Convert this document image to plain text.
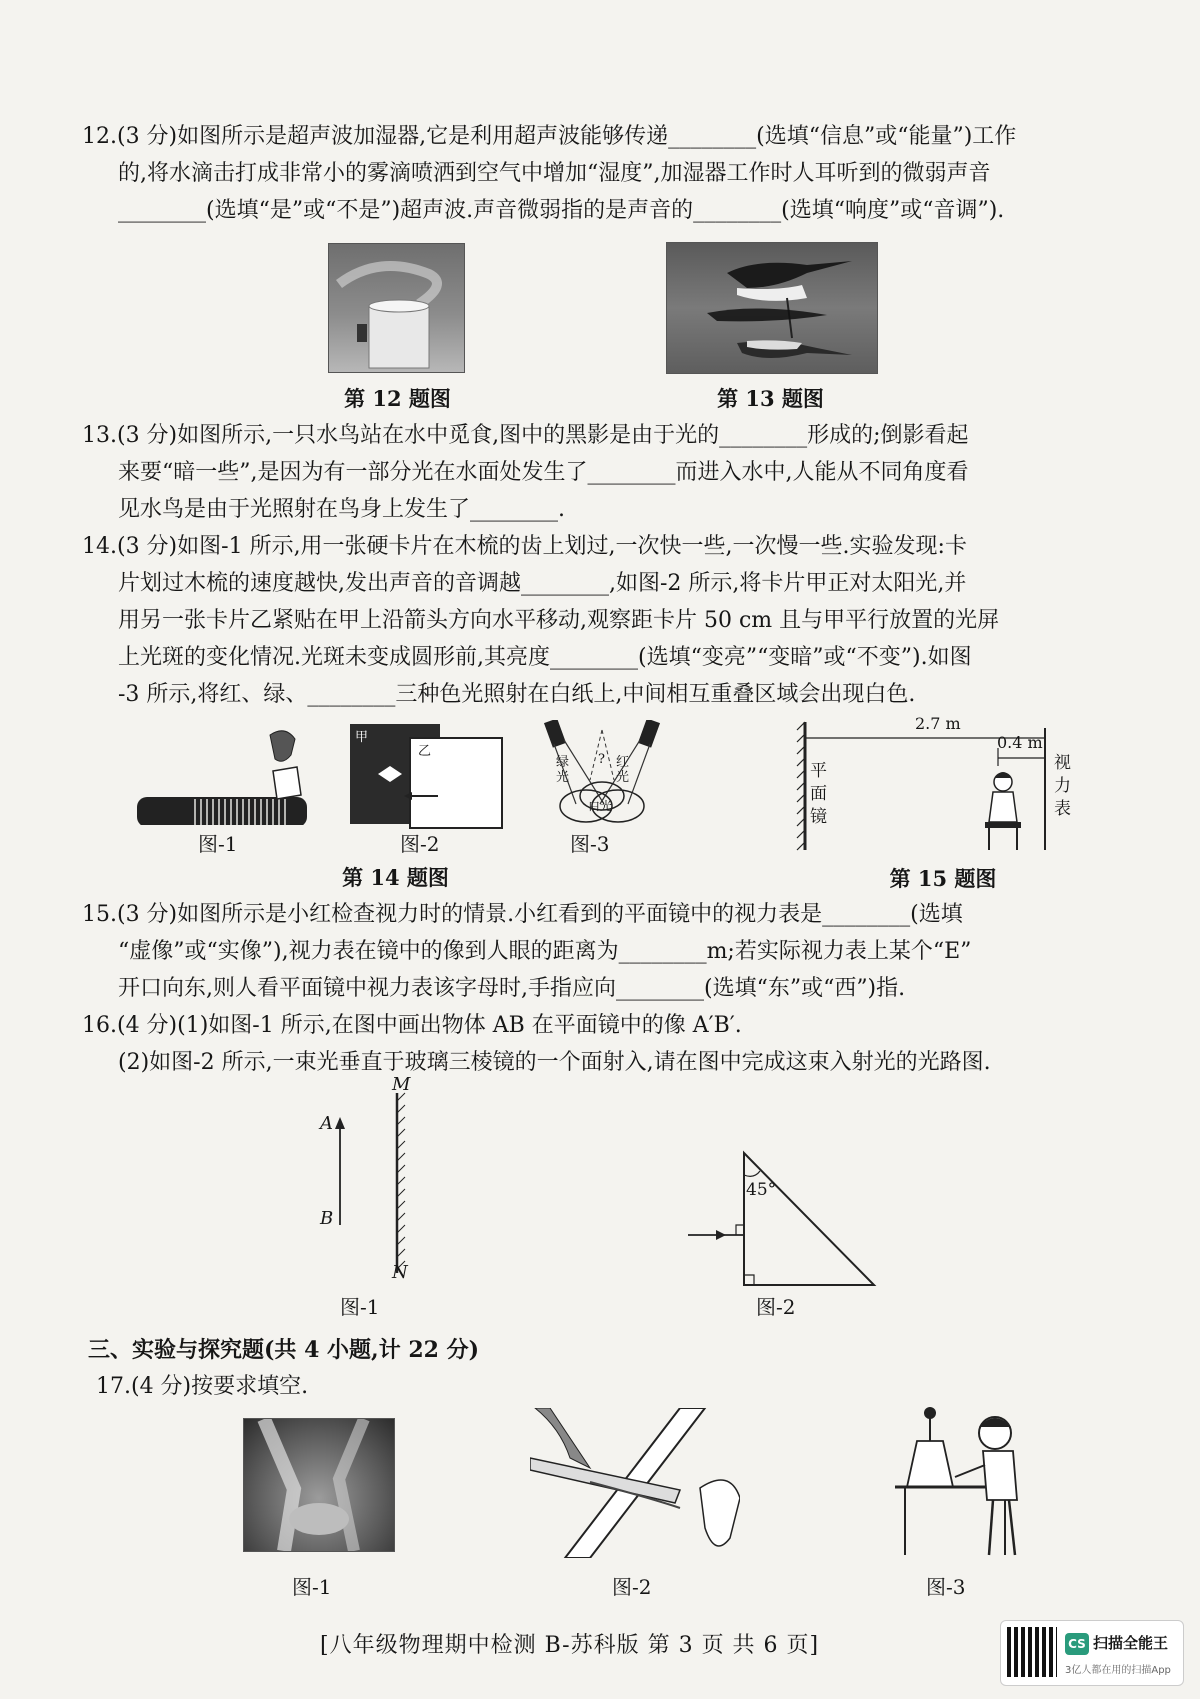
12.(3 分)如图所示是超声波加湿器,它是利用超声波能够传递________(选填“信息”或“能量”)工作

的,将水滴击打成非常小的雾滴喷洒到空气中增加“湿度”,加湿器工作时人耳听到的微弱声音

________(选填“是”或“不是”)超声波.声音微弱指的是声音的________(选填“响度”或“音调”).

第 12 题图	第 13 题图

13.(3 分)如图所示,一只水鸟站在水中觅食,图中的黑影是由于光的________形成的;倒影看起

来要“暗一些”,是因为有一部分光在水面处发生了________而进入水中,人能从不同角度看

见水鸟是由于光照射在鸟身上发生了________.

14.(3 分)如图-1 所示,用一张硬卡片在木梳的齿上划过,一次快一些,一次慢一些.实验发现:卡

片划过木梳的速度越快,发出声音的音调越________,如图-2 所示,将卡片甲正对太阳光,并

用另一张卡片乙紧贴在甲上沿箭头方向水平移动,观察距卡片 50 cm 且与甲平行放置的光屏

上光斑的变化情况.光斑未变成圆形前,其亮度________(选填“变亮”“变暗”或“不变”).如图

-3 所示,将红、绿、________三种色光照射在白纸上,中间相互重叠区域会出现白色.

图-1
甲
乙
图-2
绿光
红光
?
白光
图-3
第 14 题图
2.7 m
0.4 m
平面镜
视力表
第 15 题图

15.(3 分)如图所示是小红检查视力时的情景.小红看到的平面镜中的视力表是________(选填

“虚像”或“实像”),视力表在镜中的像到人眼的距离为________m;若实际视力表上某个“E”

开口向东,则人看平面镜中视力表该字母时,手指应向________(选填“东”或“西”)指.

16.(4 分)(1)如图-1 所示,在图中画出物体 AB 在平面镜中的像 A′B′.

(2)如图-2 所示,一束光垂直于玻璃三棱镜的一个面射入,请在图中完成这束入射光的光路图.

M
N
A
B
图-1
45°
图-2
三、实验与探究题(共 4 小题,计 22 分)

17.(4 分)按要求填空.

图-1	图-2	图-3
[八年级物理期中检测 B-苏科版 第 3 页 共 6 页]	CS 扫描全能王
3亿人都在用的扫描App
